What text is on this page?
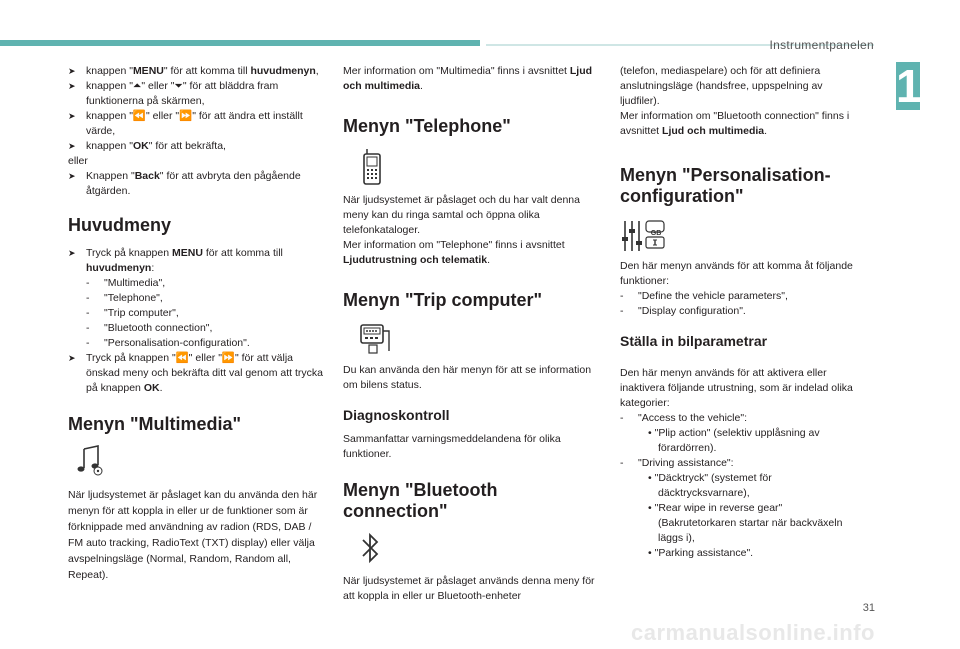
Instrumentpanelen
1

➤ knappen "MENU" för att komma till huvudmenyn,

➤ knappen "⏶" eller "⏷" för att bläddra fram funktionerna på skärmen,

➤ knappen "⏪" eller "⏩" för att ändra ett inställt värde,

➤ knappen "OK" för att bekräfta,

eller

➤ Knappen "Back" för att avbryta den pågående åtgärden.

Huvudmeny

➤ Tryck på knappen MENU för att komma till huvudmenyn:

- "Multimedia",

- "Telephone",

- "Trip computer",

- "Bluetooth connection",

- "Personalisation-configuration".

➤ Tryck på knappen "⏪" eller "⏩" för att välja önskad meny och bekräfta ditt val genom att trycka på knappen OK.

Menyn "Multimedia"

När ljudsystemet är påslaget kan du använda den här menyn för att koppla in eller ur de funktioner som är förknippade med användning av radion (RDS, DAB / FM auto tracking, RadioText (TXT) display) eller välja avspelningsläge (Normal, Random, Random all, Repeat).

Mer information om "Multimedia" finns i avsnittet Ljud och multimedia.

Menyn "Telephone"

När ljudsystemet är påslaget och du har valt denna meny kan du ringa samtal och öppna olika telefonkataloger.

Mer information om "Telephone" finns i avsnittet Ljudutrustning och telematik.

Menyn "Trip computer"

Du kan använda den här menyn för att se information om bilens status.

Diagnoskontroll

Sammanfattar varningsmeddelandena för olika funktioner.

Menyn "Bluetooth connection"

När ljudsystemet är påslaget används denna meny för att koppla in eller ur Bluetooth-enheter

(telefon, mediaspelare) och för att definiera anslutningsläge (handsfree, uppspelning av ljudfiler).

Mer information om "Bluetooth connection" finns i avsnittet Ljud och multimedia.

Menyn "Personalisation-configuration"

GB

Den här menyn används för att komma åt följande funktioner:

- "Define the vehicle parameters",

- "Display configuration".

Ställa in bilparametrar

Den här menyn används för att aktivera eller inaktivera följande utrustning, som är indelad olika kategorier:

- "Access to the vehicle":

• "Plip action" (selektiv upplåsning av förardörren).

- "Driving assistance":

• "Däcktryck" (systemet för däcktrycksvarnare),

• "Rear wipe in reverse gear" (Bakrutetorkaren startar när backväxeln läggs i),

• "Parking assistance".

31
carmanualsonline.info
